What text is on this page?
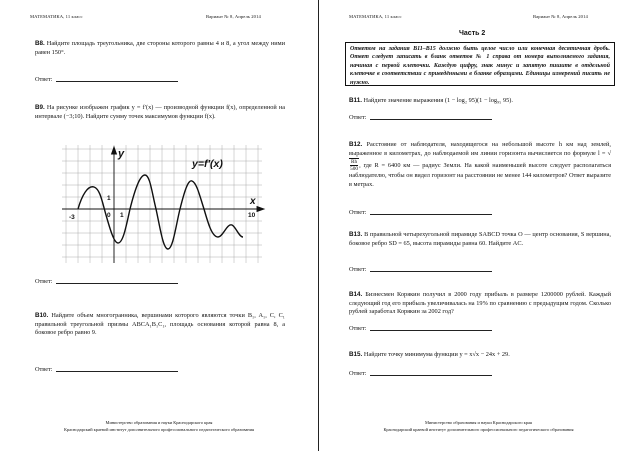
МАТЕМАТИКА, 11 класс	Вариант № 8, Апрель 2014
B8. Найдите площадь треугольника, две стороны которого равны 4 и 8, а угол между ними равен 150°.
Ответ:
B9. На рисунке изображен график y = f′(x) — производной функции f(x), определенной на интервале (−3;10). Найдите сумму точек максимумов функции f(x).
y
x
y=f′(x)
-3
1
0 1	10
Ответ:
B10. Найдите объем многогранника, вершинами которого являются точки B₁, A₁, C, C₁ правильной треугольной призмы ABCA₁B₁C₁, площадь основания которой равна 8, а боковое ребро равно 9.
Ответ:
Министерство образования и науки Краснодарского края
Краснодарский краевой институт дополнительного профессионального педагогического образования
МАТЕМАТИКА, 11 класс	Вариант № 8, Апрель 2014
Часть 2
Ответом на задания B11–B15 должно быть целое число или конечная десятичная дробь. Ответ следует записать в бланк ответов № 1 справа от номера выполняемого задания, начиная с первой клеточки. Каждую цифру, знак минус и запятую пишите в отдельной клеточке в соответствии с приведёнными в бланке образцами. Единицы измерений писать не нужно.
B11. Найдите значение выражения (1 − log₂ 95)(1 − log₉₅ 95).
Ответ:
B12. Расстояние от наблюдателя, находящегося на небольшой высоте h км над землей, выраженное в километрах, до наблюдаемой им линии горизонта вычисляется по формуле l = √
$\frac{Rh}{500}$ , где R = 6400 км — радиус Земли. На какой наименьшей высоте следует располагаться наблюдателю, чтобы он видел горизонт на расстоянии не менее 144 километров? Ответ выразите в метрах.
Ответ:
B13. В правильной четырехугольной пирамиде SABCD точка O — центр основания, S вершина, боковое ребро SD = 65, высота пирамиды равна 60. Найдите AC.
Ответ:
B14. Бизнесмен Корякин получил в 2000 году прибыль в размере 1200000 рублей. Каждый следующий год его прибыль увеличивалась на 19% по сравнению с предыдущим годом. Сколько рублей заработал Корякин за 2002 год?
Ответ:
B15. Найдите точку минимума функции y = x√x − 24x + 29.
Ответ:
Министерство образования и науки Краснодарского края
Краснодарский краевой институт дополнительного профессионального педагогического образования
